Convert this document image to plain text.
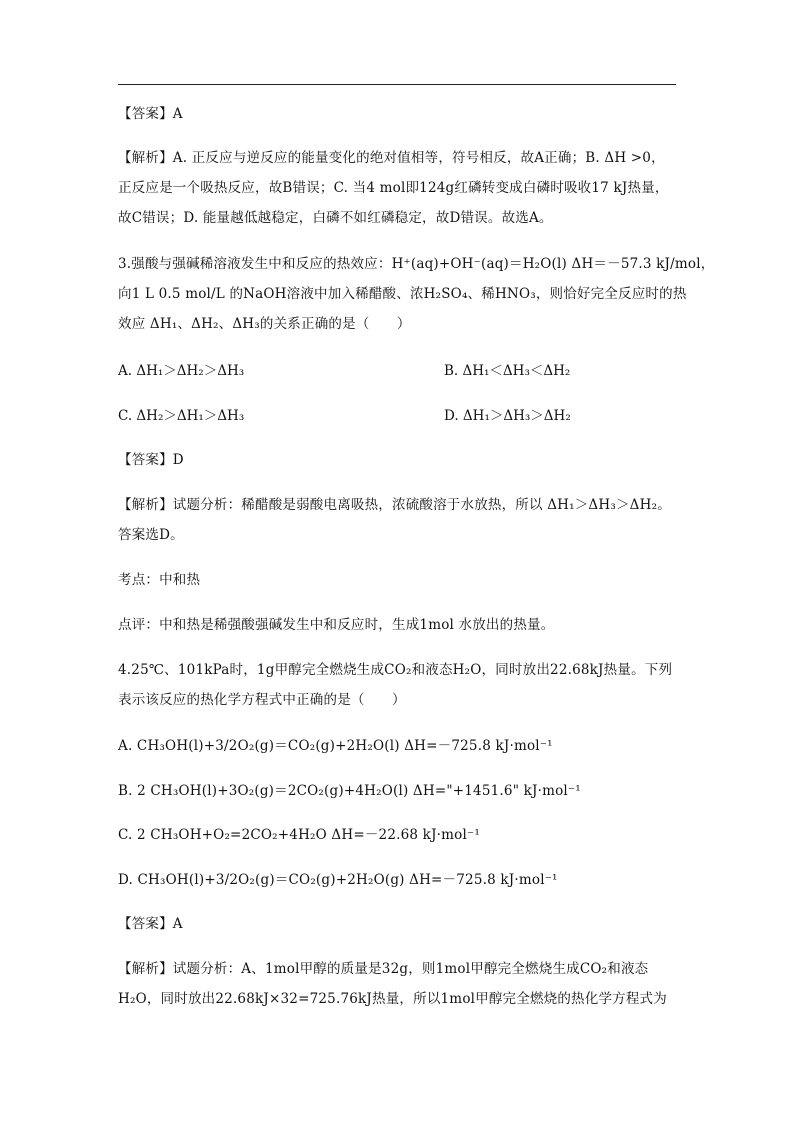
【答案】A
【解析】A. 正反应与逆反应的能量变化的绝对值相等，符号相反，故A正确；B. ΔH >0，
正反应是一个吸热反应，故B错误；C. 当4 mol即124g红磷转变成白磷时吸收17 kJ热量，
故C错误；D. 能量越低越稳定，白磷不如红磷稳定，故D错误。故选A。
3.强酸与强碱稀溶液发生中和反应的热效应：H⁺(aq)+OH⁻(aq)＝H₂O(l) ΔH＝－57.3 kJ/mol，
向1 L 0.5 mol/L 的NaOH溶液中加入稀醋酸、浓H₂SO₄、稀HNO₃，则恰好完全反应时的热
效应 ΔH₁、ΔH₂、ΔH₃的关系正确的是（　　）
A. ΔH₁＞ΔH₂＞ΔH₃	B. ΔH₁＜ΔH₃＜ΔH₂
C. ΔH₂＞ΔH₁＞ΔH₃	D. ΔH₁＞ΔH₃＞ΔH₂
【答案】D
【解析】试题分析：稀醋酸是弱酸电离吸热，浓硫酸溶于水放热，所以 ΔH₁＞ΔH₃＞ΔH₂。
答案选D。
考点：中和热
点评：中和热是稀强酸强碱发生中和反应时，生成1mol 水放出的热量。
4.25℃、101kPa时，1g甲醇完全燃烧生成CO₂和液态H₂O，同时放出22.68kJ热量。下列
表示该反应的热化学方程式中正确的是（　　）
A. CH₃OH(l)+3/2O₂(g)＝CO₂(g)+2H₂O(l) ΔH=－725.8 kJ·mol⁻¹
B. 2 CH₃OH(l)+3O₂(g)＝2CO₂(g)+4H₂O(l) ΔH="+1451.6" kJ·mol⁻¹
C. 2 CH₃OH+O₂=2CO₂+4H₂O ΔH=－22.68 kJ·mol⁻¹
D. CH₃OH(l)+3/2O₂(g)＝CO₂(g)+2H₂O(g) ΔH=－725.8 kJ·mol⁻¹
【答案】A
【解析】试题分析：A、1mol甲醇的质量是32g，则1mol甲醇完全燃烧生成CO₂和液态
H₂O，同时放出22.68kJ×32=725.76kJ热量，所以1mol甲醇完全燃烧的热化学方程式为
